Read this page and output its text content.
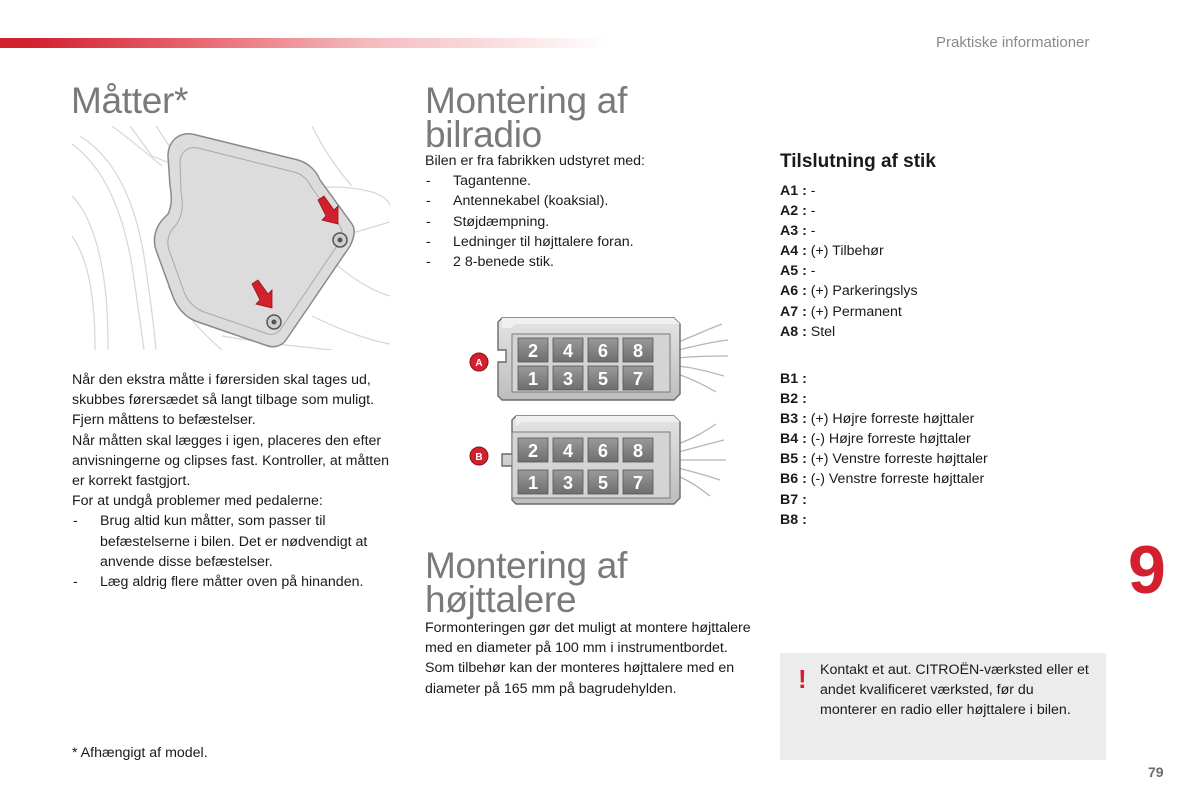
Praktiske informationer
Måtter*

Når den ekstra måtte i førersiden skal tages ud, skubbes førersædet så langt tilbage som muligt. Fjern måttens to befæstelser.

Når måtten skal lægges i igen, placeres den efter anvisningerne og clipses fast. Kontroller, at måtten er korrekt fastgjort.

For at undgå problemer med pedalerne:

- Brug altid kun måtter, som passer til befæstelserne i bilen. Det er nødvendigt at anvende disse befæstelser.
- Læg aldrig flere måtter oven på hinanden.
* Afhængigt af model.
Montering af
bilradio

Bilen er fra fabrikken udstyret med:

- Tagantenne.
- Antennekabel (koaksial).
- Støjdæmpning.
- Ledninger til højttalere foran.
- 2 8-benede stik.
2 4 6 8
1 3 5 7
A
2 4 6 8
1 3 5 7
B
Montering af
højttalere

Formonteringen gør det muligt at montere højttalere med en diameter på 100 mm i instrumentbordet.

Som tilbehør kan der monteres højttalere med en diameter på 165 mm på bagrudehylden.

Tilslutning af stik
A1 : -
A2 : -
A3 : -
A4 : (+) Tilbehør
A5 : -
A6 : (+) Parkeringslys
A7 : (+) Permanent
A8 : Stel
B1 :
B2 :
B3 : (+) Højre forreste højttaler
B4 : (-) Højre forreste højttaler
B5 : (+) Venstre forreste højttaler
B6 : (-) Venstre forreste højttaler
B7 :
B8 :
9
! Kontakt et aut. CITROËN-værksted eller et andet kvalificeret værksted, før du monterer en radio eller højttalere i bilen.
79
